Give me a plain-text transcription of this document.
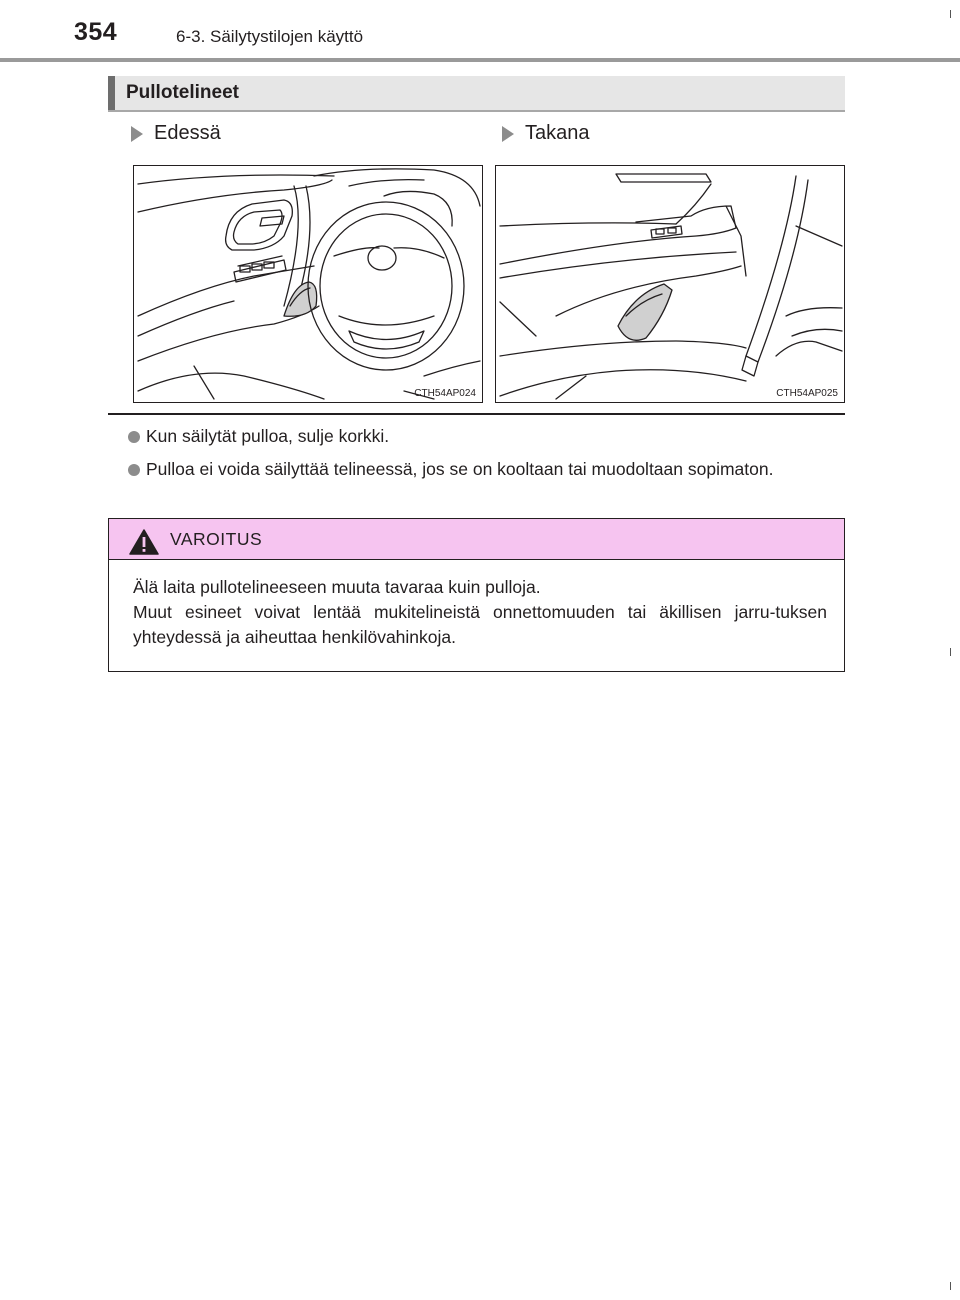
354	6-3. Säilytystilojen käyttö
Pullotelineet
Edessä	Takana
CTH54AP024	CTH54AP025
Kun säilytät pulloa, sulje korkki.
Pulloa ei voida säilyttää telineessä, jos se on kooltaan tai muodoltaan sopimaton.
VAROITUS

Älä laita pullotelineeseen muuta tavaraa kuin pulloja.

Muut esineet voivat lentää mukitelineistä onnettomuuden tai äkillisen jarru-tuksen yhteydessä ja aiheuttaa henkilövahinkoja.
